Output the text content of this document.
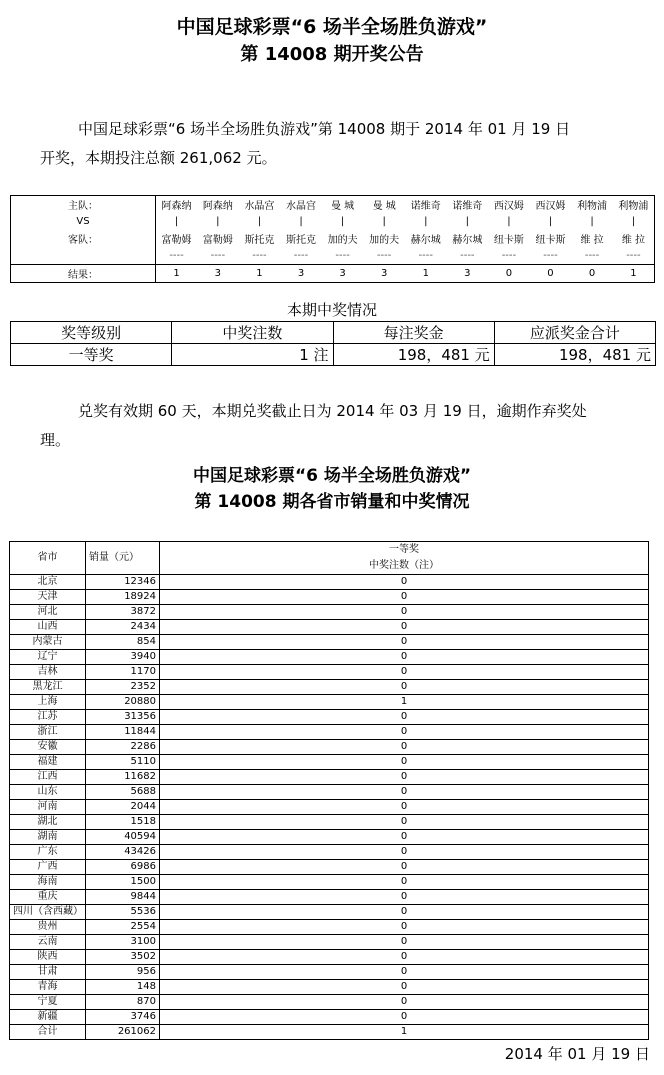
中国足球彩票“6 场半全场胜负游戏”
第 14008 期开奖公告
中国足球彩票“6 场半全场胜负游戏”第 14008 期于 2014 年 01 月 19 日
开奖，本期投注总额 261,062 元。
主队：	阿森纳	阿森纳	水晶宫	水晶宫	曼 城	曼 城	诺维奇	诺维奇	西汉姆	西汉姆	利物浦	利物浦
VS	|	|	|	|	|	|	|	|	|	|	|	|
客队：	富勒姆	富勒姆	斯托克	斯托克	加的夫	加的夫	赫尔城	赫尔城	纽卡斯	纽卡斯	维 拉	维 拉
	----	----	----	----	----	----	----	----	----	----	----	----
结果：	1	3	1	3	3	3	1	3	0	0	0	1
本期中奖情况
奖等级别	中奖注数	每注奖金	应派奖金合计
一等奖	1 注	198，481 元	198，481 元
兑奖有效期 60 天，本期兑奖截止日为 2014 年 03 月 19 日，逾期作弃奖处
理。
中国足球彩票“6 场半全场胜负游戏”
第 14008 期各省市销量和中奖情况
省市	销量（元）	一等奖
		中奖注数（注）
北京	12346	0
天津	18924	0
河北	3872	0
山西	2434	0
内蒙古	854	0
辽宁	3940	0
吉林	1170	0
黑龙江	2352	0
上海	20880	1
江苏	31356	0
浙江	11844	0
安徽	2286	0
福建	5110	0
江西	11682	0
山东	5688	0
河南	2044	0
湖北	1518	0
湖南	40594	0
广东	43426	0
广西	6986	0
海南	1500	0
重庆	9844	0
四川（含西藏）	5536	0
贵州	2554	0
云南	3100	0
陕西	3502	0
甘肃	956	0
青海	148	0
宁夏	870	0
新疆	3746	0
合计	261062	1
2014 年 01 月 19 日
